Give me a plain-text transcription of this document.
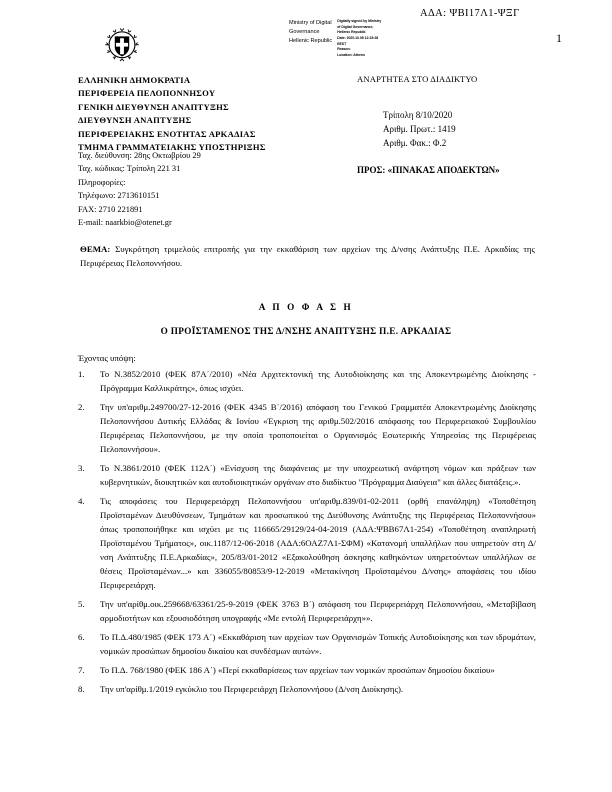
ΑΔΑ: ΨΒΙ17Λ1-ΨΞΓ
1
Ministry of Digital
Governance
Hellenic Republic
Digitally signed by Ministry
of Digital Governance,
Hellenic Republic
Date: 2020.10.08 12:15:28
EEST
Reason:
Location: Athens
ΕΛΛΗΝΙΚΗ ΔΗΜΟΚΡΑΤΙΑ
ΠΕΡΙΦΕΡΕΙΑ ΠΕΛΟΠΟΝΝΗΣΟΥ
ΓΕΝΙΚΗ ΔΙΕΥΘΥΝΣΗ ΑΝΑΠΤΥΞΗΣ
ΔΙΕΥΘΥΝΣΗ ΑΝΑΠΤΥΞΗΣ
ΠΕΡΙΦΕΡΕΙΑΚΗΣ ΕΝΟΤΗΤΑΣ ΑΡΚΑΔΙΑΣ
ΤΜΗΜΑ ΓΡΑΜΜΑΤΕΙΑΚΗΣ ΥΠΟΣΤΗΡΙΞΗΣ
ΑΝΑΡΤΗΤΕΑ ΣΤΟ ΔΙΑΔΙΚΤΥΟ
Τρίπολη 8/10/2020
Αριθμ. Πρωτ.: 1419
Αριθμ. Φακ.: Φ.2
Ταχ. διεύθυνση: 28ης Οκτωβρίου 29
Ταχ. κώδικας: Τρίπολη 221 31
Πληροφορίες:
Τηλέφωνο: 2713610151
FAX: 2710 221891
E-mail: naarkbio@otenet.gr
ΠΡΟΣ: «ΠΙΝΑΚΑΣ ΑΠΟΔΕΚΤΩΝ»
ΘΕΜΑ: Συγκρότηση τριμελούς επιτροπής για την εκκαθάριση των αρχείων της Δ/νσης Ανάπτυξης Π.Ε. Αρκαδίας της Περιφέρειας Πελοποννήσου.
Α Π Ο Φ Α Σ Η
Ο ΠΡΟΪΣΤΑΜΕΝΟΣ ΤΗΣ Δ/ΝΣΗΣ ΑΝΑΠΤΥΞΗΣ Π.Ε. ΑΡΚΑΔΙΑΣ
Έχοντας υπόψη:
1.	Το Ν.3852/2010 (ΦΕΚ 87Α΄/2010) «Νέα Αρχιτεκτονική της Αυτοδιοίκησης και της Αποκεντρωμένης Διοίκησης - Πρόγραμμα Καλλικράτης», όπως ισχύει.
2.	Την υπ'αριθμ.249700/27-12-2016 (ΦΕΚ 4345 Β΄/2016) απόφαση του Γενικού Γραμματέα Αποκεντρωμένης Διοίκησης Πελοποννήσου Δυτικής Ελλάδας & Ιονίου «Έγκριση της αριθμ.502/2016 απόφασης του Περιφερειακού Συμβουλίου Περιφέρειας Πελοποννήσου, με την οποία τροποποιείται ο Οργανισμός Εσωτερικής Υπηρεσίας της Περιφέρειας Πελοποννήσου».
3.	Το Ν.3861/2010 (ΦΕΚ 112Α΄) «Ενίσχυση της διαφάνειας με την υποχρεωτική ανάρτηση νόμων και πράξεων των κυβερνητικών, διοικητικών και αυτοδιοικητικών οργάνων στο διαδίκτυο "Πρόγραμμα Διαύγεια" και άλλες διατάξεις.».
4.	Τις αποφάσεις του Περιφερειάρχη Πελοποννήσου υπ'αριθμ.839/01-02-2011 (ορθή επανάληψη) «Τοποθέτηση Προϊσταμένων Διευθύνσεων, Τμημάτων και προσωπικού της Διεύθυνσης Ανάπτυξης της Περιφέρειας Πελοποννήσου» όπως τροποποιήθηκε και ισχύει με τις 116665/29129/24-04-2019 (ΑΔΑ:ΨΒΒ67Λ1-254) «Τοποθέτηση αναπληρωτή Προϊσταμένου Τμήματος», οικ.1187/12-06-2018 (ΑΔΑ:6ΟΑΖ7Λ1-ΣΦΜ) «Κατανομή υπαλλήλων που υπηρετούν στη Δ/νση Ανάπτυξης Π.Ε.Αρκαδίας», 205/83/01-2012 «Εξακολούθηση άσκησης καθηκόντων υπηρετούντων υπαλλήλων σε θέσεις Προϊσταμένων...» και 336055/80853/9-12-2019 «Μετακίνηση Προϊσταμένου Δ/νσης» αποφάσεις του ιδίου Περιφερειάρχη.
5.	Την υπ'αρίθμ.οικ.259668/63361/25-9-2019 (ΦΕΚ 3763 Β΄) απόφαση του Περιφερειάρχη Πελοποννήσου, «Μεταβίβαση αρμοδιοτήτων και εξουσιοδότηση υπογραφής «Με εντολή Περιφερειάρχη»».
6.	Το Π.Δ.480/1985 (ΦΕΚ 173 Α΄) «Εκκαθάριση των αρχείων των Οργανισμών Τοπικής Αυτοδιοίκησης και των ιδρυμάτων, νομικών προσώπων δημοσίου δικαίου και συνδέσμων αυτών».
7.	Το Π.Δ. 768/1980 (ΦΕΚ 186 Α΄) «Περί εκκαθαρίσεως των αρχείων των νομικών προσώπων δημοσίου δικαίου»
8.	Την υπ'αρίθμ.1/2019 εγκύκλιο του Περιφερειάρχη Πελοποννήσου (Δ/νση Διοίκησης).
